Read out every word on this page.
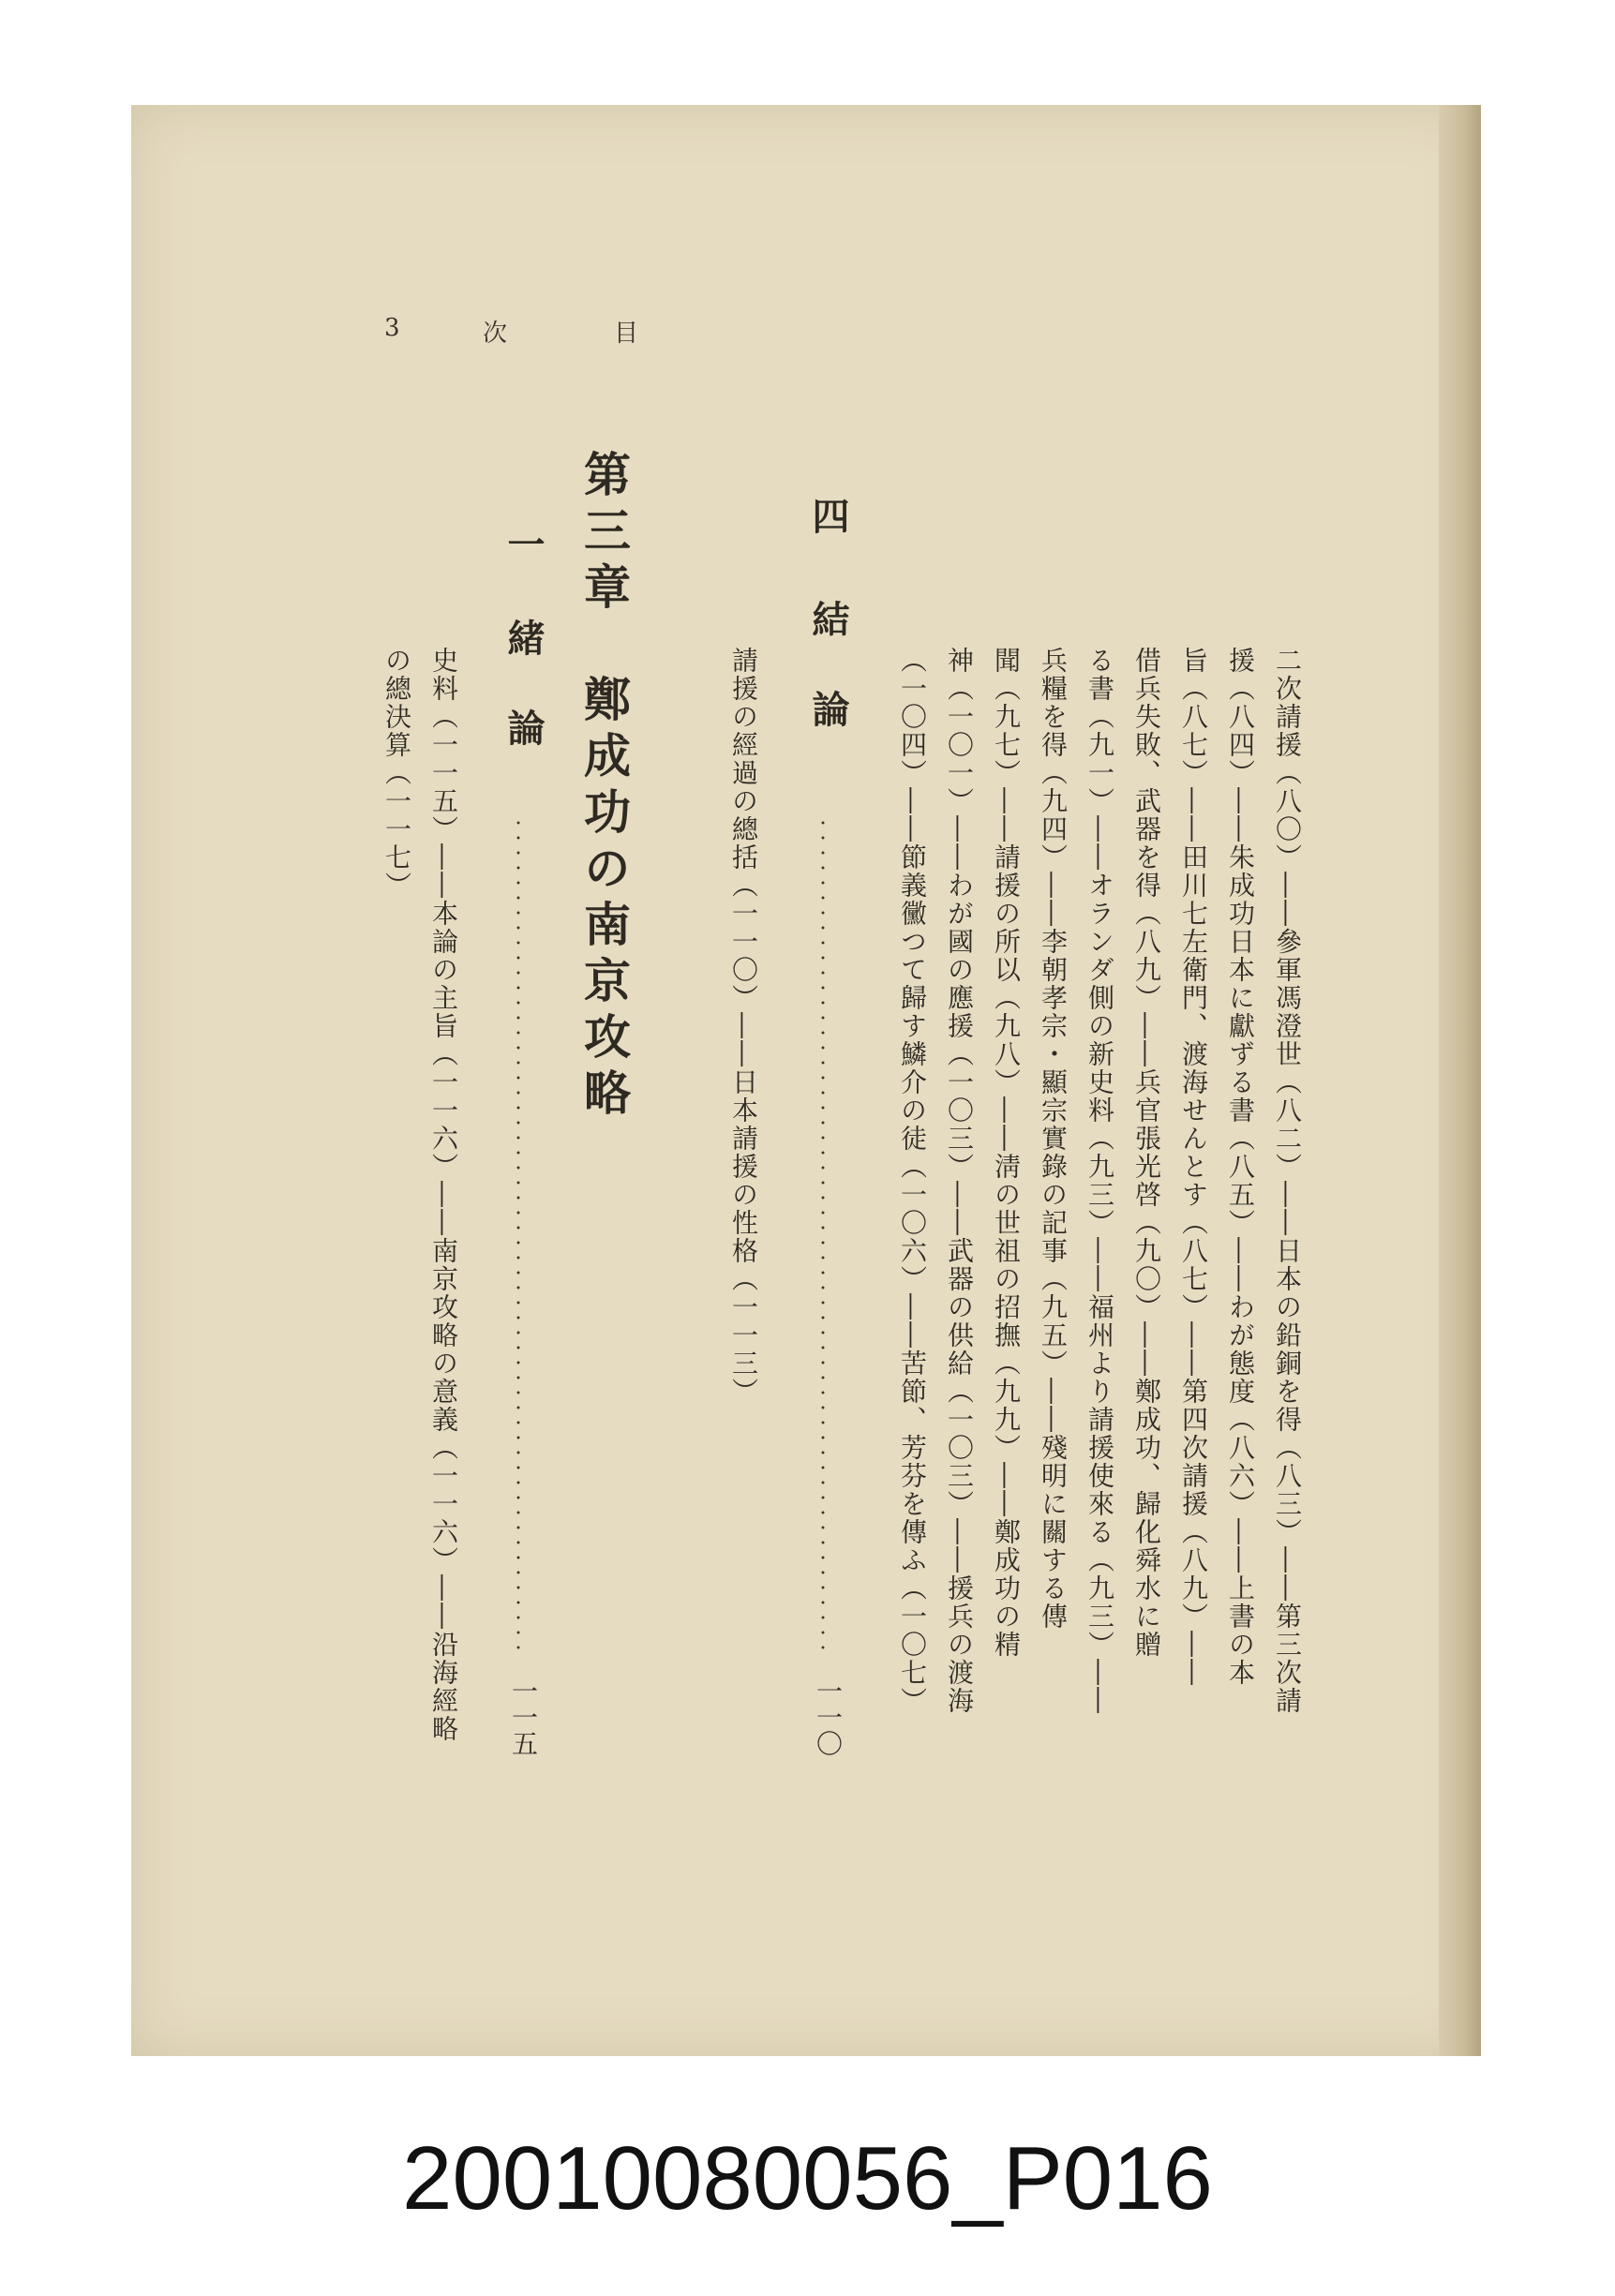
3	次	目
二次請援（八〇）――參軍馮澄世（八二）――日本の鉛銅を得（八三）――第三次請
援（八四）――朱成功日本に獻ずる書（八五）――わが態度（八六）――上書の本
旨（八七）――田川七左衛門、渡海せんとす（八七）――第四次請援（八九）――
借兵失敗、武器を得（八九）――兵官張光啓（九〇）――鄭成功、歸化舜水に贈
る書（九一）――オランダ側の新史料（九三）――福州より請援使來る（九三）――
兵糧を得（九四）――李朝孝宗・顯宗實錄の記事（九五）――殘明に關する傳
聞（九七）――請援の所以（九八）――淸の世祖の招撫（九九）――鄭成功の精
神（一〇一）――わが國の應援（一〇三）――武器の供給（一〇三）――援兵の渡海
（一〇四）――節義黴つて歸す鱗介の徒（一〇六）――苦節、芳芬を傳ふ（一〇七）
四
結　論
一一〇
請援の經過の總括（一一〇）――日本請援の性格（一一三）
第三章　鄭成功の南京攻略
一
緒　論
一一五
史料（一一五）――本論の主旨（一一六）――南京攻略の意義（一一六）――沿海經略
の總決算（一一七）
20010080056_P016
